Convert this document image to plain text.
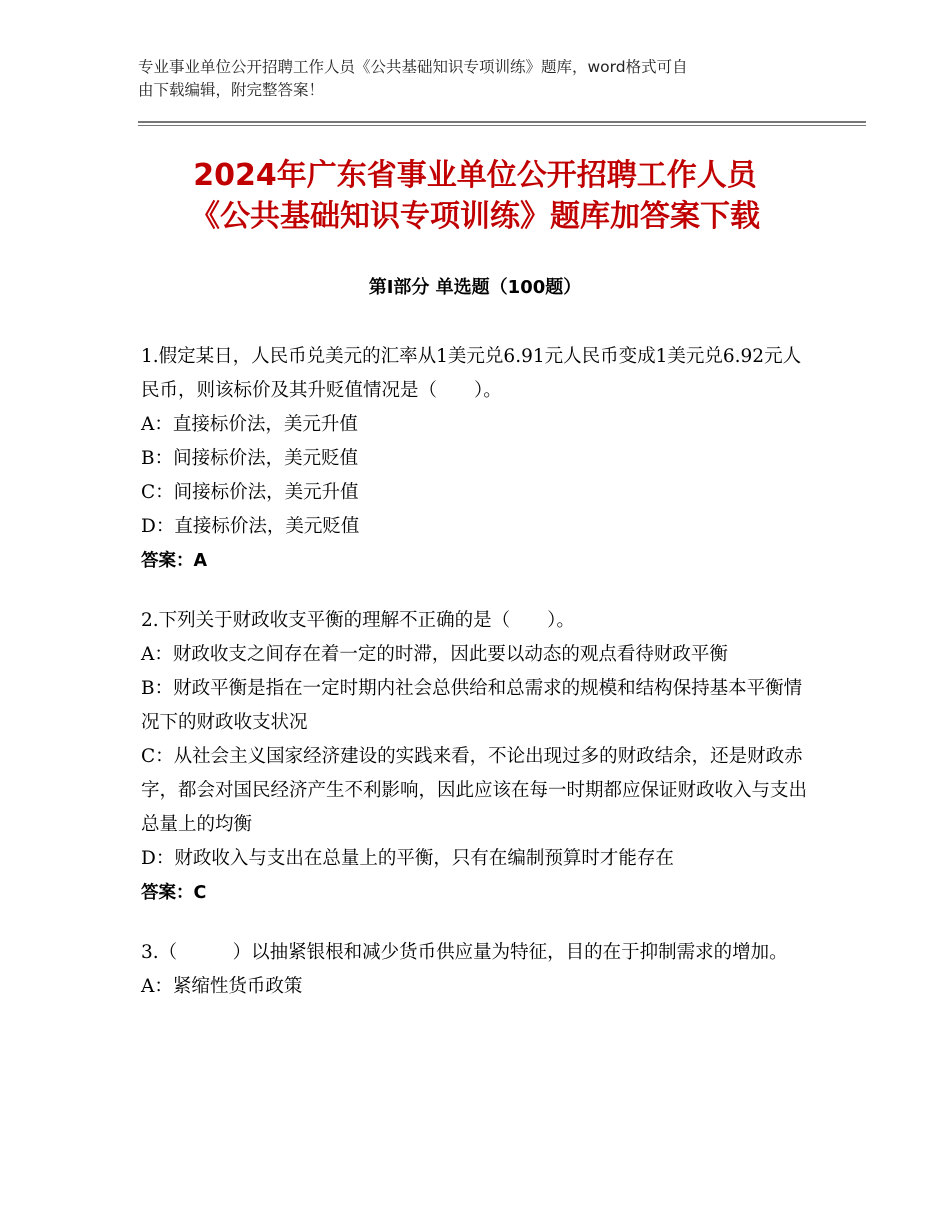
专业事业单位公开招聘工作人员《公共基础知识专项训练》题库，word格式可自
由下载编辑，附完整答案！
2024年广东省事业单位公开招聘工作人员
《公共基础知识专项训练》题库加答案下载
第Ⅰ部分 单选题（100题）

1.假定某日，人民币兑美元的汇率从1美元兑6.91元人民币变成1美元兑6.92元人民币，则该标价及其升贬值情况是（　　）。

A：直接标价法，美元升值

B：间接标价法，美元贬值

C：间接标价法，美元升值

D：直接标价法，美元贬值

答案：A

2.下列关于财政收支平衡的理解不正确的是（　　）。

A：财政收支之间存在着一定的时滞，因此要以动态的观点看待财政平衡

B：财政平衡是指在一定时期内社会总供给和总需求的规模和结构保持基本平衡情况下的财政收支状况

C：从社会主义国家经济建设的实践来看，不论出现过多的财政结余，还是财政赤字，都会对国民经济产生不利影响，因此应该在每一时期都应保证财政收入与支出总量上的均衡

D：财政收入与支出在总量上的平衡，只有在编制预算时才能存在

答案：C

3.（　　　）以抽紧银根和减少货币供应量为特征，目的在于抑制需求的增加。

A：紧缩性货币政策
